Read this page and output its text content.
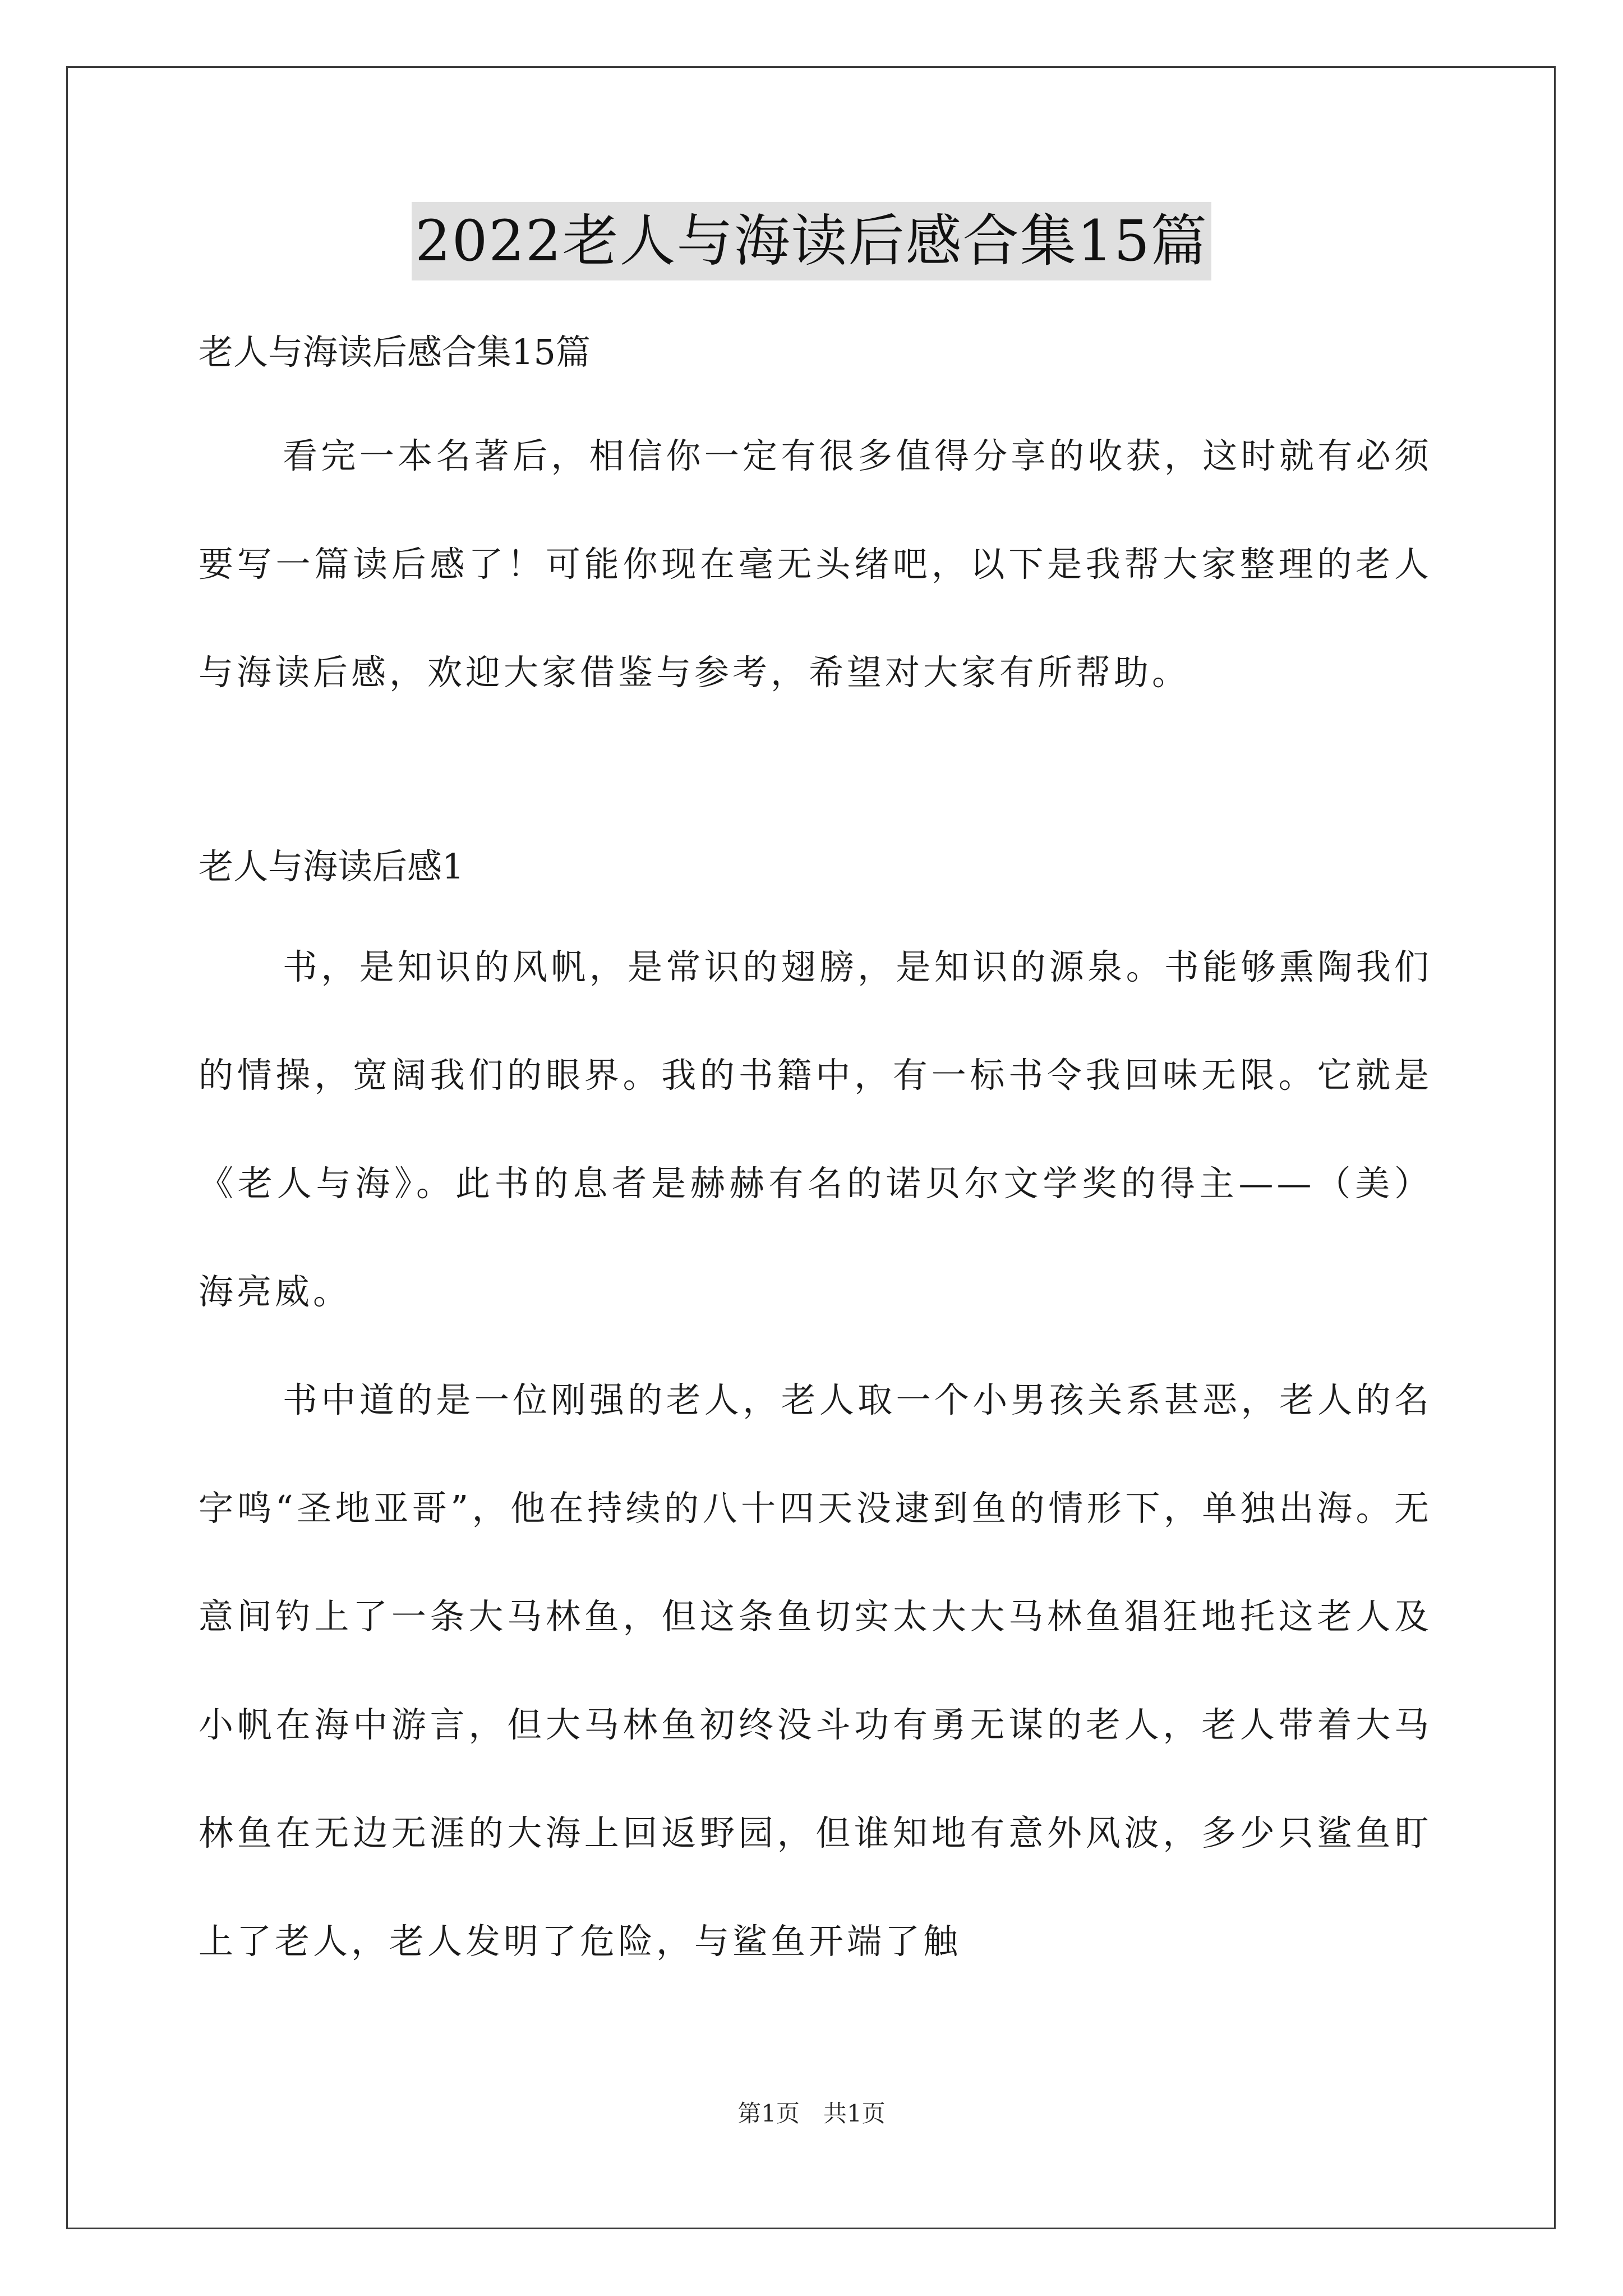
2022老人与海读后感合集15篇

老人与海读后感合集15篇

看完一本名著后，相信你一定有很多值得分享的收获，这时就有必须要写一篇读后感了！可能你现在毫无头绪吧，以下是我帮大家整理的老人与海读后感，欢迎大家借鉴与参考，希望对大家有所帮助。

老人与海读后感1

书，是知识的风帆，是常识的翅膀，是知识的源泉。书能够熏陶我们的情操，宽阔我们的眼界。我的书籍中，有一标书令我回味无限。它就是《老人与海》。此书的息者是赫赫有名的诺贝尔文学奖的得主——（美）海亮威。

书中道的是一位刚强的老人，老人取一个小男孩关系甚恶，老人的名字鸣“圣地亚哥”，他在持续的八十四天没逮到鱼的情形下，单独出海。无意间钓上了一条大马林鱼，但这条鱼切实太大大马林鱼猖狂地托这老人及小帆在海中游言，但大马林鱼初终没斗功有勇无谋的老人，老人带着大马林鱼在无边无涯的大海上回返野园，但谁知地有意外风波，多少只鲨鱼盯上了老人，老人发明了危险，与鲨鱼开端了触

第1页　共1页
